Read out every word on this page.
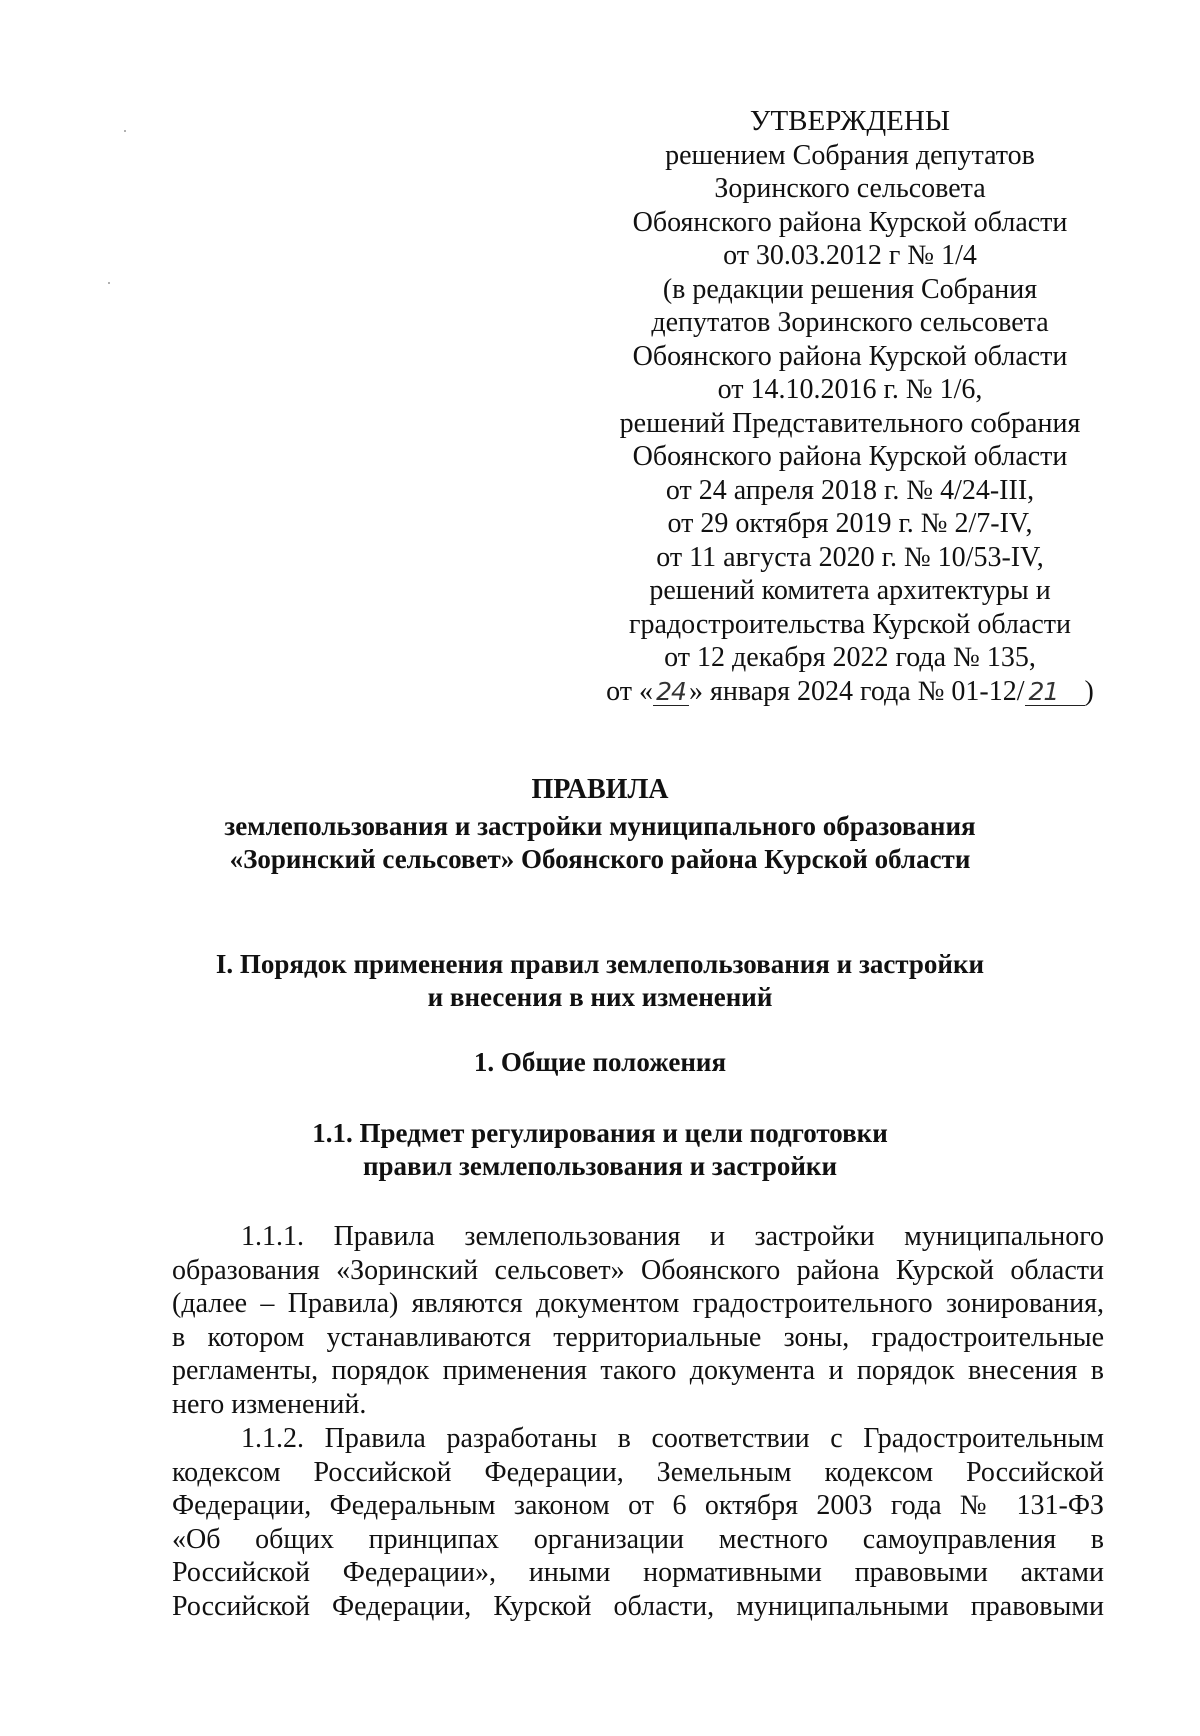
УТВЕРЖДЕНЫ
решением Собрания депутатов
Зоринского сельсовета
Обоянского района Курской области
от 30.03.2012 г № 1/4
(в редакции решения Собрания
депутатов Зоринского сельсовета
Обоянского района Курской области
от 14.10.2016 г. № 1/6,
решений Представительного собрания
Обоянского района Курской области
от 24 апреля 2018 г. № 4/24-III,
от 29 октября 2019 г. № 2/7-IV,
от 11 августа 2020 г. № 10/53-IV,
решений комитета архитектуры и
градостроительства Курской области
от 12 декабря 2022 года № 135,
от « 24 » января 2024 года № 01-12/ 21 )
ПРАВИЛА
землепользования и застройки муниципального образования
«Зоринский сельсовет» Обоянского района Курской области
I. Порядок применения правил землепользования и застройки
и внесения в них изменений
1. Общие положения
1.1. Предмет регулирования и цели подготовки
правил землепользования и застройки
1.1.1. Правила землепользования и застройки муниципального
образования «Зоринский сельсовет» Обоянского района Курской области
(далее – Правила) являются документом градостроительного зонирования,
в котором устанавливаются территориальные зоны, градостроительные
регламенты, порядок применения такого документа и порядок внесения в
него изменений.
1.1.2. Правила разработаны в соответствии с Градостроительным
кодексом Российской Федерации, Земельным кодексом Российской
Федерации, Федеральным законом от 6 октября 2003 года № 131-ФЗ
«Об общих принципах организации местного самоуправления в
Российской Федерации», иными нормативными правовыми актами
Российской Федерации, Курской области, муниципальными правовыми
